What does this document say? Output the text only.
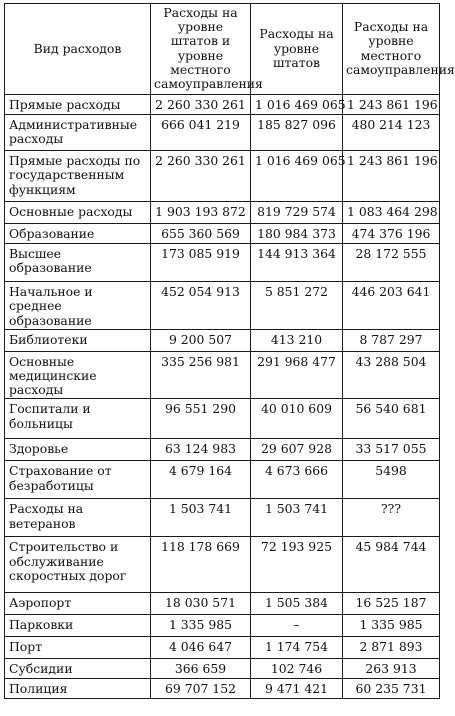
Вид расходов	Расходы на уровне штатов и уровне местного самоуправления	Расходы на уровне штатов	Расходы на уровне местного самоуправления
Прямые расходы	2 260 330 261	1 016 469 065	1 243 861 196
Административные расходы	666 041 219	185 827 096	480 214 123
Прямые расходы по государственным функциям	2 260 330 261	1 016 469 065	1 243 861 196
Основные расходы	1 903 193 872	819 729 574	1 083 464 298
Образование	655 360 569	180 984 373	474 376 196
Высшее образование	173 085 919	144 913 364	28 172 555
Начальное и среднее образование	452 054 913	5 851 272	446 203 641
Библиотеки	9 200 507	413 210	8 787 297
Основные медицинские расходы	335 256 981	291 968 477	43 288 504
Госпитали и больницы	96 551 290	40 010 609	56 540 681
Здоровье	63 124 983	29 607 928	33 517 055
Страхование от безработицы	4 679 164	4 673 666	5498
Расходы на ветеранов	1 503 741	1 503 741	???
Строительство и обслуживание скоростных дорог	118 178 669	72 193 925	45 984 744
Аэропорт	18 030 571	1 505 384	16 525 187
Парковки	1 335 985	–	1 335 985
Порт	4 046 647	1 174 754	2 871 893
Субсидии	366 659	102 746	263 913
Полиция	69 707 152	9 471 421	60 235 731
